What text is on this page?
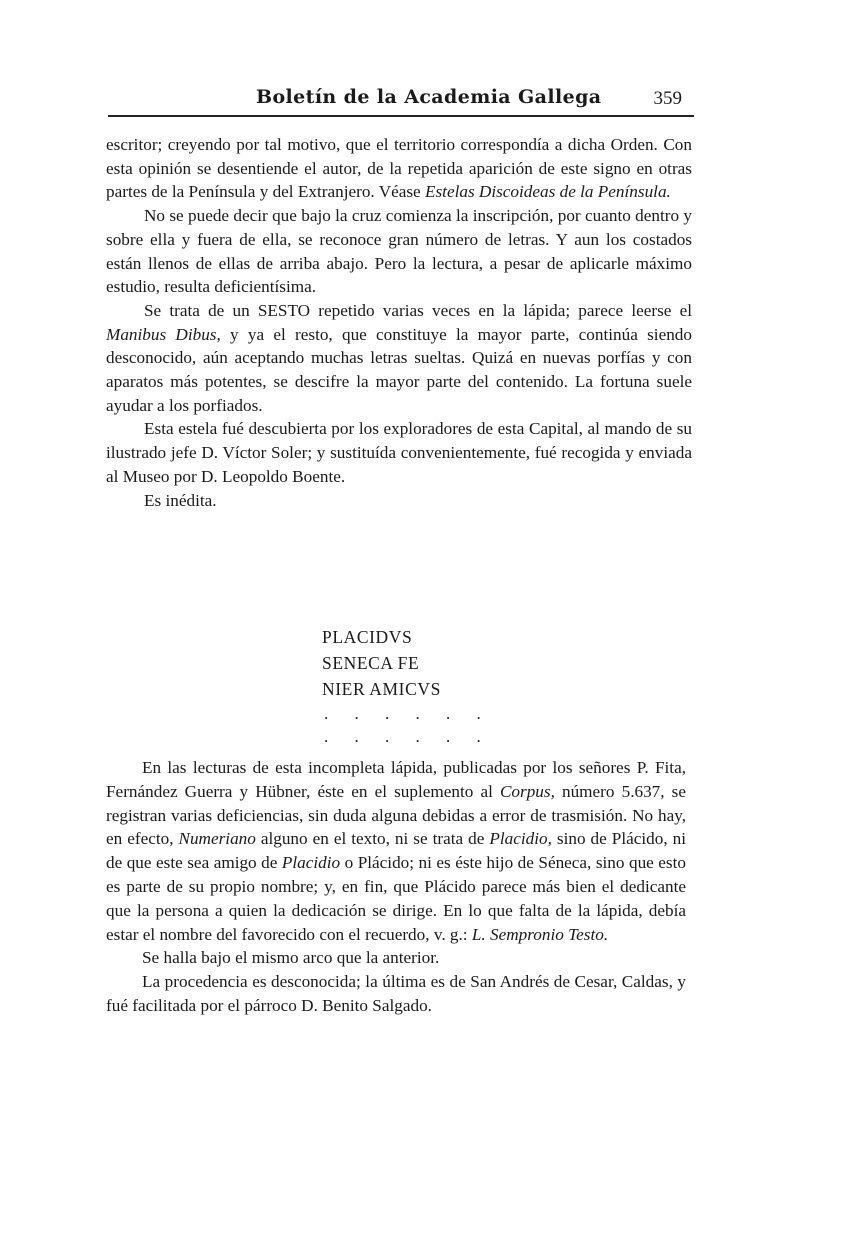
Boletín de la Academia Gallega	359

escritor; creyendo por tal motivo, que el territorio correspondía a dicha Orden. Con esta opinión se desentiende el autor, de la repetida aparición de este signo en otras partes de la Península y del Extranjero. Véase Estelas Discoideas de la Península.

No se puede decir que bajo la cruz comienza la inscripción, por cuanto dentro y sobre ella y fuera de ella, se reconoce gran número de letras. Y aun los costados están llenos de ellas de arriba abajo. Pero la lectura, a pesar de aplicarle máximo estudio, resulta deficientísima.

Se trata de un SESTO repetido varias veces en la lápida; parece leerse el Manibus Dibus, y ya el resto, que constituye la mayor parte, continúa siendo desconocido, aún aceptando muchas letras sueltas. Quizá en nuevas porfías y con aparatos más potentes, se descifre la mayor parte del contenido. La fortuna suele ayudar a los porfiados.

Esta estela fué descubierta por los exploradores de esta Capital, al mando de su ilustrado jefe D. Víctor Soler; y sustituída convenientemente, fué recogida y enviada al Museo por D. Leopoldo Boente.

Es inédita.

PLACIDVS
SENECA FE
NIER AMICVS
. . . . . .
. . . . . .

En las lecturas de esta incompleta lápida, publicadas por los señores P. Fita, Fernández Guerra y Hübner, éste en el suplemento al Corpus, número 5.637, se registran varias deficiencias, sin duda alguna debidas a error de trasmisión. No hay, en efecto, Numeriano alguno en el texto, ni se trata de Placidio, sino de Plácido, ni de que este sea amigo de Placidio o Plácido; ni es éste hijo de Séneca, sino que esto es parte de su propio nombre; y, en fin, que Plácido parece más bien el dedicante que la persona a quien la dedicación se dirige. En lo que falta de la lápida, debía estar el nombre del favorecido con el recuerdo, v. g.: L. Sempronio Testo.

Se halla bajo el mismo arco que la anterior.

La procedencia es desconocida; la última es de San Andrés de Cesar, Caldas, y fué facilitada por el párroco D. Benito Salgado.
